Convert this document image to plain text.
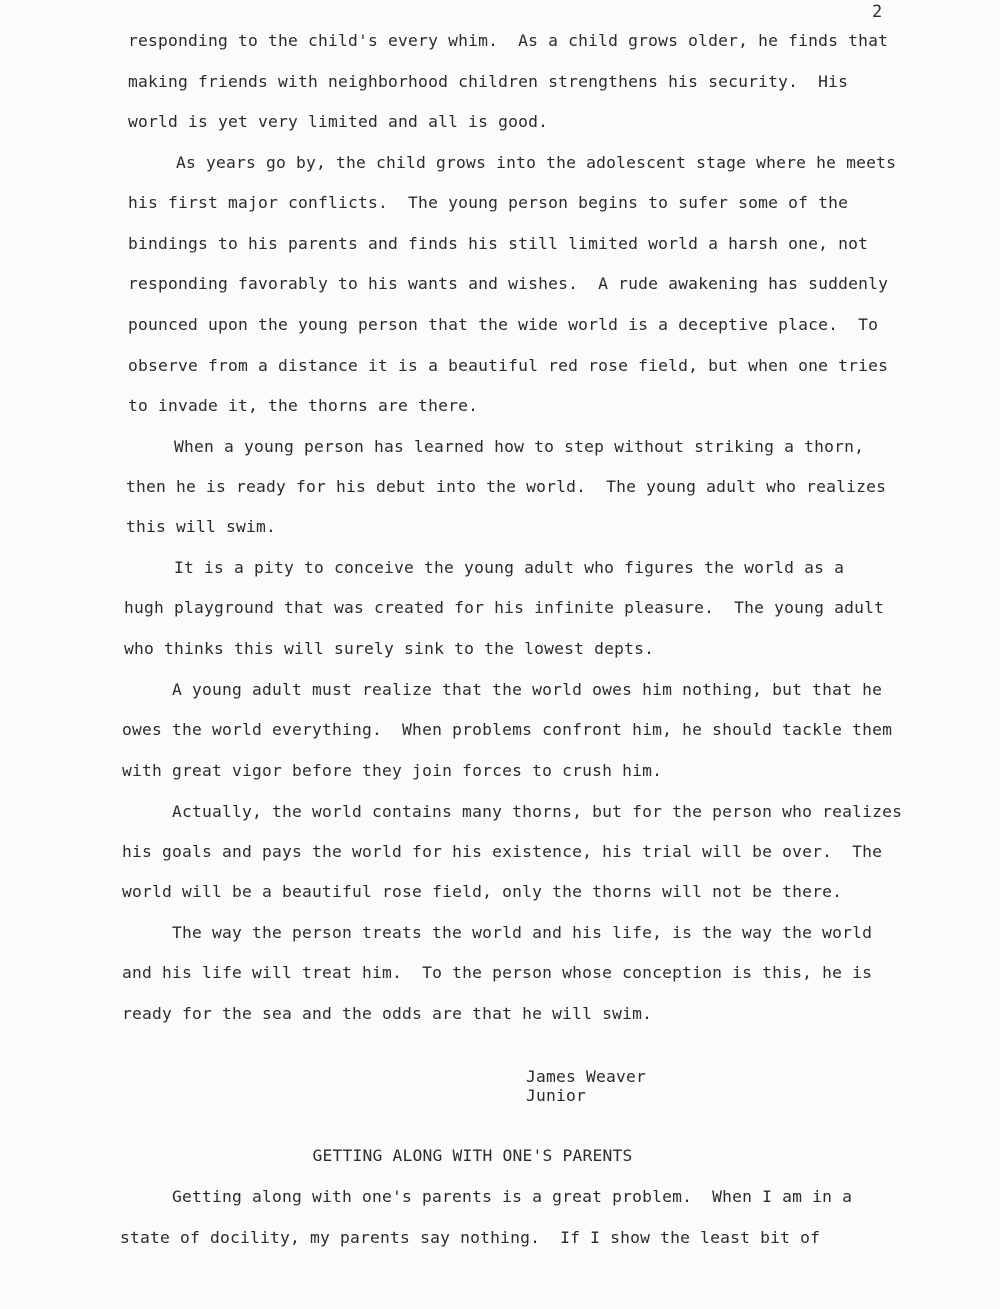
2
responding to the child's every whim.  As a child grows older, he finds that
making friends with neighborhood children strengthens his security.  His
world is yet very limited and all is good.
As years go by, the child grows into the adolescent stage where he meets
his first major conflicts.  The young person begins to sufer some of the
bindings to his parents and finds his still limited world a harsh one, not
responding favorably to his wants and wishes.  A rude awakening has suddenly
pounced upon the young person that the wide world is a deceptive place.  To
observe from a distance it is a beautiful red rose field, but when one tries
to invade it, the thorns are there.
When a young person has learned how to step without striking a thorn,
then he is ready for his debut into the world.  The young adult who realizes
this will swim.
It is a pity to conceive the young adult who figures the world as a
hugh playground that was created for his infinite pleasure.  The young adult
who thinks this will surely sink to the lowest depts.
A young adult must realize that the world owes him nothing, but that he
owes the world everything.  When problems confront him, he should tackle them
with great vigor before they join forces to crush him.
Actually, the world contains many thorns, but for the person who realizes
his goals and pays the world for his existence, his trial will be over.  The
world will be a beautiful rose field, only the thorns will not be there.
The way the person treats the world and his life, is the way the world
and his life will treat him.  To the person whose conception is this, he is
ready for the sea and the odds are that he will swim.
James Weaver
Junior
GETTING ALONG WITH ONE'S PARENTS
Getting along with one's parents is a great problem.  When I am in a
state of docility, my parents say nothing.  If I show the least bit of
